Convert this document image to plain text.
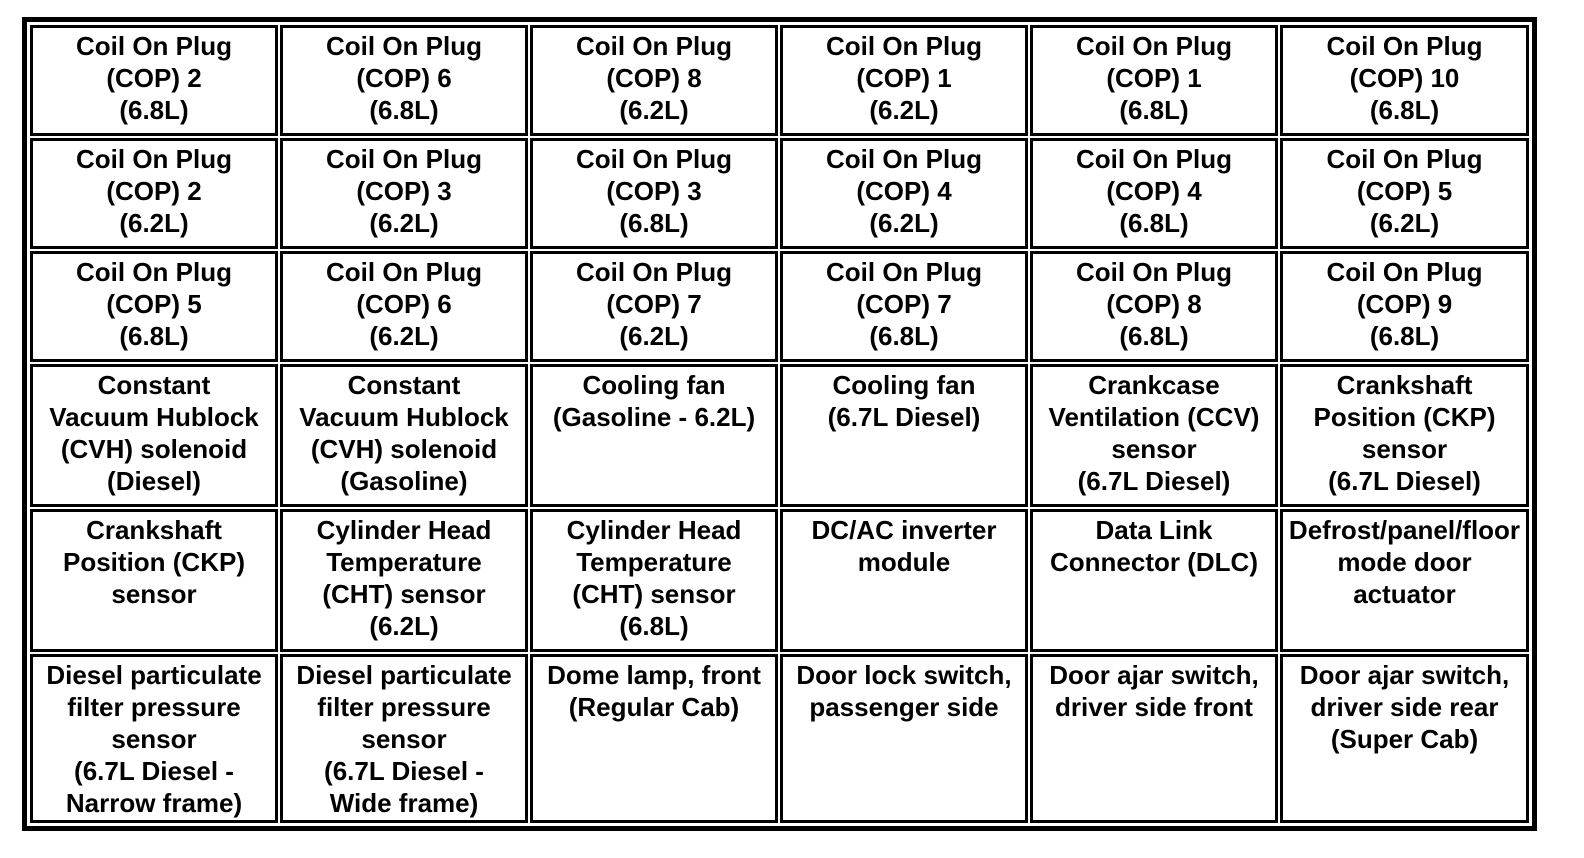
Coil On Plug
(COP) 2
(6.8L)
Coil On Plug
(COP) 6
(6.8L)
Coil On Plug
(COP) 8
(6.2L)
Coil On Plug
(COP) 1
(6.2L)
Coil On Plug
(COP) 1
(6.8L)
Coil On Plug
(COP) 10
(6.8L)
Coil On Plug
(COP) 2
(6.2L)
Coil On Plug
(COP) 3
(6.2L)
Coil On Plug
(COP) 3
(6.8L)
Coil On Plug
(COP) 4
(6.2L)
Coil On Plug
(COP) 4
(6.8L)
Coil On Plug
(COP) 5
(6.2L)
Coil On Plug
(COP) 5
(6.8L)
Coil On Plug
(COP) 6
(6.2L)
Coil On Plug
(COP) 7
(6.2L)
Coil On Plug
(COP) 7
(6.8L)
Coil On Plug
(COP) 8
(6.8L)
Coil On Plug
(COP) 9
(6.8L)
Constant
Vacuum Hublock
(CVH) solenoid
(Diesel)
Constant
Vacuum Hublock
(CVH) solenoid
(Gasoline)
Cooling fan
(Gasoline - 6.2L)
Cooling fan
(6.7L Diesel)
Crankcase
Ventilation (CCV)
sensor
(6.7L Diesel)
Crankshaft
Position (CKP)
sensor
(6.7L Diesel)
Crankshaft
Position (CKP)
sensor
Cylinder Head
Temperature
(CHT) sensor
(6.2L)
Cylinder Head
Temperature
(CHT) sensor
(6.8L)
DC/AC inverter
module
Data Link
Connector (DLC)
Defrost/panel/floor
mode door
actuator
Diesel particulate
filter pressure
sensor
(6.7L Diesel -
Narrow frame)
Diesel particulate
filter pressure
sensor
(6.7L Diesel -
Wide frame)
Dome lamp, front
(Regular Cab)
Door lock switch,
passenger side
Door ajar switch,
driver side front
Door ajar switch,
driver side rear
(Super Cab)
